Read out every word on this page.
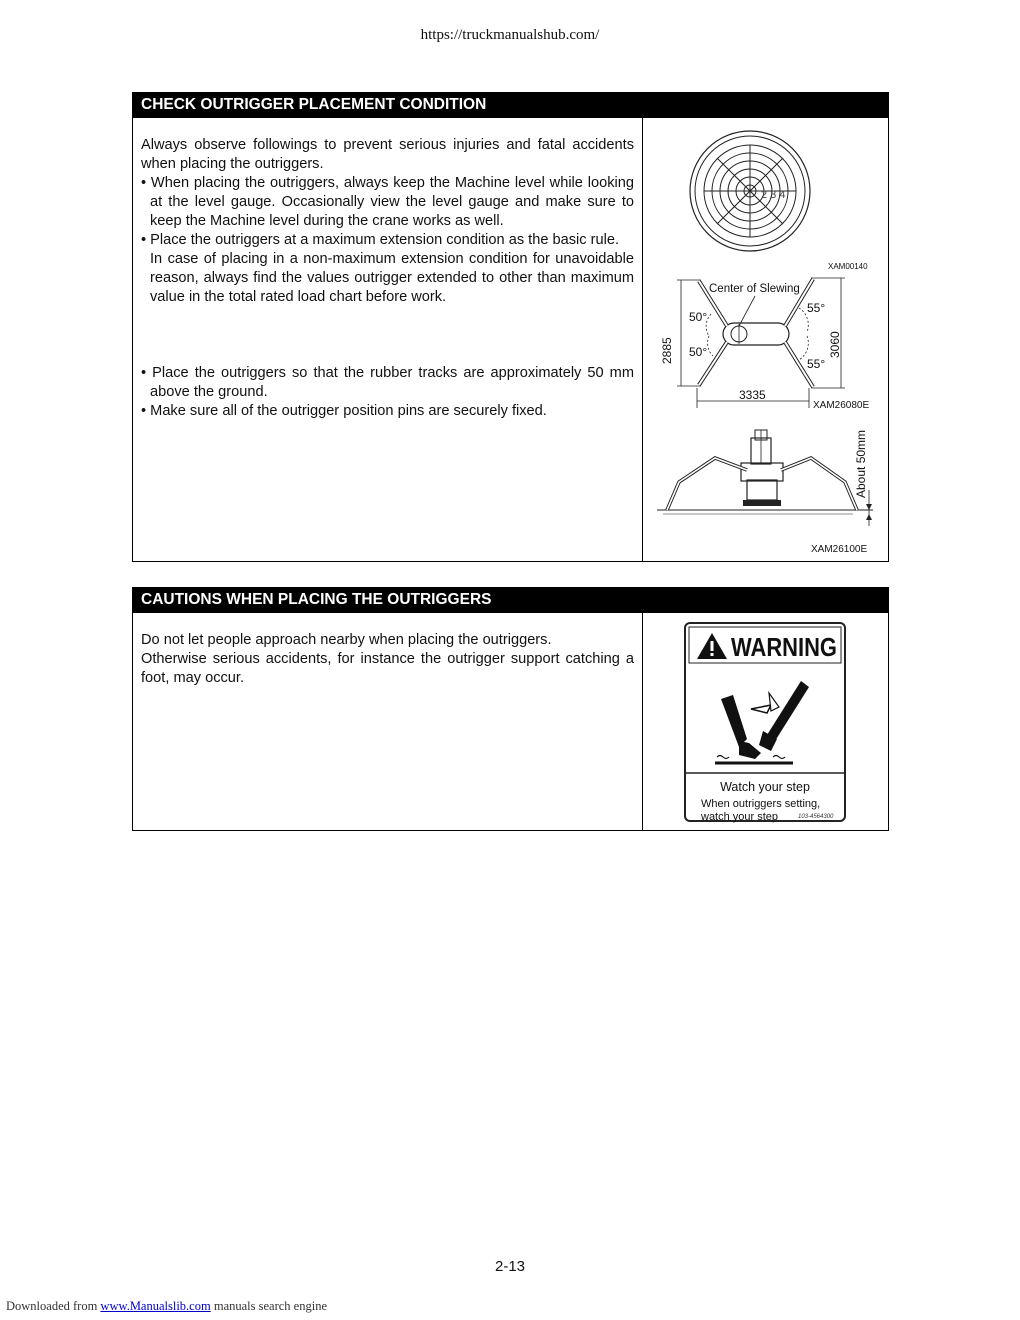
https://truckmanualshub.com/
CHECK OUTRIGGER PLACEMENT CONDITION
Always observe followings to prevent serious injuries and fatal accidents when placing the outriggers.
• When placing the outriggers, always keep the Machine level while looking at the level gauge. Occasionally view the level gauge and make sure to keep the Machine level during the crane works as well.
• Place the outriggers at a maximum extension condition as the basic rule.
In case of placing in a non-maximum extension condition for unavoidable reason, always find the values outrigger extended to other than maximum value in the total rated load chart before work.
• Place the outriggers so that the rubber tracks are approximately 50 mm above the ground.
• Make sure all of the outrigger position pins are securely fixed.
2 3 4
XAM00140
Center of Slewing
50°
50°
55°
55°
2885	3060
3335
XAM26080E
About 50mm
XAM26100E
CAUTIONS WHEN PLACING THE OUTRIGGERS
Do not let people approach nearby when placing the outriggers.
Otherwise serious accidents, for instance the outrigger support catching a foot, may occur.
WARNING
Watch your step
When outriggers setting,
watch your step	103-4564300
2-13
Downloaded from www.Manualslib.com manuals search engine
